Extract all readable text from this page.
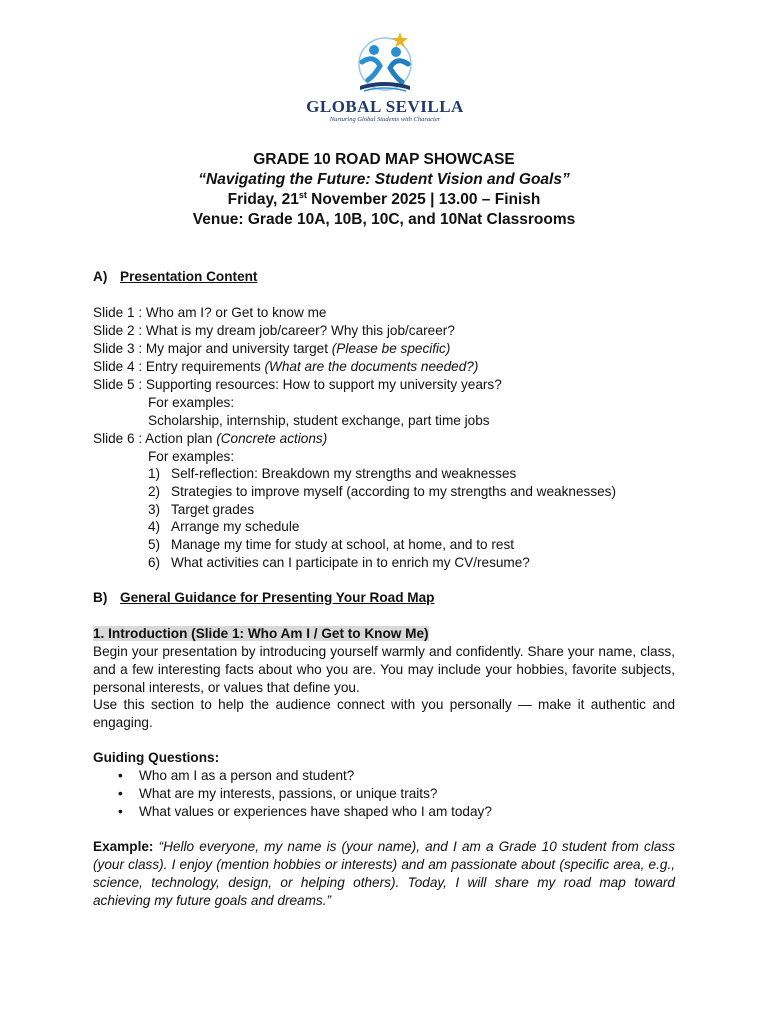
GLOBAL SEVILLA
Nurturing Global Students with Character
GRADE 10 ROAD MAP SHOWCASE
“Navigating the Future: Student Vision and Goals”
Friday, 21st November 2025 | 13.00 – Finish
Venue: Grade 10A, 10B, 10C, and 10Nat Classrooms
A) Presentation Content
Slide 1 : Who am I? or Get to know me
Slide 2 : What is my dream job/career? Why this job/career?
Slide 3 : My major and university target (Please be specific)
Slide 4 : Entry requirements (What are the documents needed?)
Slide 5 : Supporting resources: How to support my university years?
For examples:
Scholarship, internship, student exchange, part time jobs
Slide 6 : Action plan (Concrete actions)
For examples:
1) Self-reflection: Breakdown my strengths and weaknesses
2) Strategies to improve myself (according to my strengths and weaknesses)
3) Target grades
4) Arrange my schedule
5) Manage my time for study at school, at home, and to rest
6) What activities can I participate in to enrich my CV/resume?
B) General Guidance for Presenting Your Road Map
1. Introduction (Slide 1: Who Am I / Get to Know Me)
Begin your presentation by introducing yourself warmly and confidently. Share your name, class, and a few interesting facts about who you are. You may include your hobbies, favorite subjects, personal interests, or values that define you.
Use this section to help the audience connect with you personally — make it authentic and engaging.
Guiding Questions:
• Who am I as a person and student?
• What are my interests, passions, or unique traits?
• What values or experiences have shaped who I am today?
Example: “Hello everyone, my name is (your name), and I am a Grade 10 student from class (your class). I enjoy (mention hobbies or interests) and am passionate about (specific area, e.g., science, technology, design, or helping others). Today, I will share my road map toward achieving my future goals and dreams.”
